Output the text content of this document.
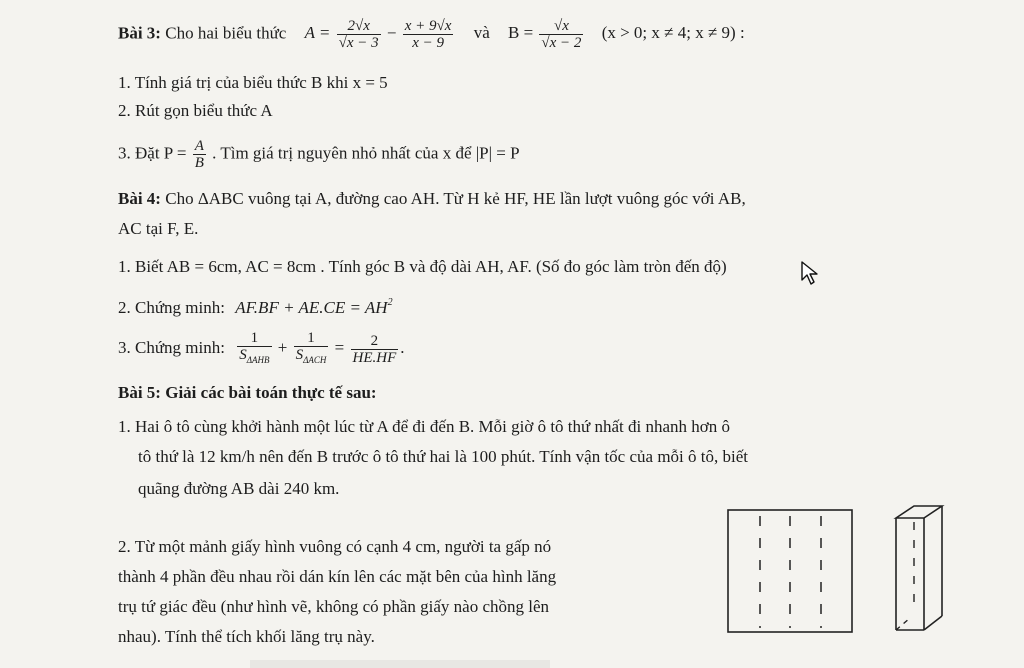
Bài 3: Cho hai biểu thức $A = \frac{2√x}{√x - 3} - \frac{x + 9√x}{x - 9}$ và $B = \frac{√x}{√x - 2} (x > 0$; x ≠ 4; x ≠ 9) :
1. Tính giá trị của biểu thức B khi x = 5
2. Rút gọn biểu thức A
3. Đặt $P = \frac{A}{B}$ . Tìm giá trị nguyên nhỏ nhất của x để |P| = P
Bài 4: Cho ΔABC vuông tại A, đường cao AH. Từ H kẻ HF, HE lần lượt vuông góc với AB,
AC tại F, E.
1. Biết AB = 6cm, AC = 8cm . Tính góc B và độ dài AH, AF. (Số đo góc làm tròn đến độ)
2. Chứng minh: $AF.BF + AE.CE = AH^2$
3. Chứng minh: $\frac{1}{S_{\Delta AHB}} + \frac{1}{S_{\Delta ACH}} = \frac{2}{HE.HF}$ .
Bài 5: Giải các bài toán thực tế sau:
1. Hai ô tô cùng khởi hành một lúc từ A để đi đến B. Mỗi giờ ô tô thứ nhất đi nhanh hơn ô
tô thứ là 12 km/h nên đến B trước ô tô thứ hai là 100 phút. Tính vận tốc của mỗi ô tô, biết
quãng đường AB dài 240 km.
2. Từ một mảnh giấy hình vuông có cạnh 4 cm, người ta gấp nó
thành 4 phần đều nhau rồi dán kín lên các mặt bên của hình lăng
trụ tứ giác đều (như hình vẽ, không có phần giấy nào chồng lên
nhau). Tính thể tích khối lăng trụ này.
